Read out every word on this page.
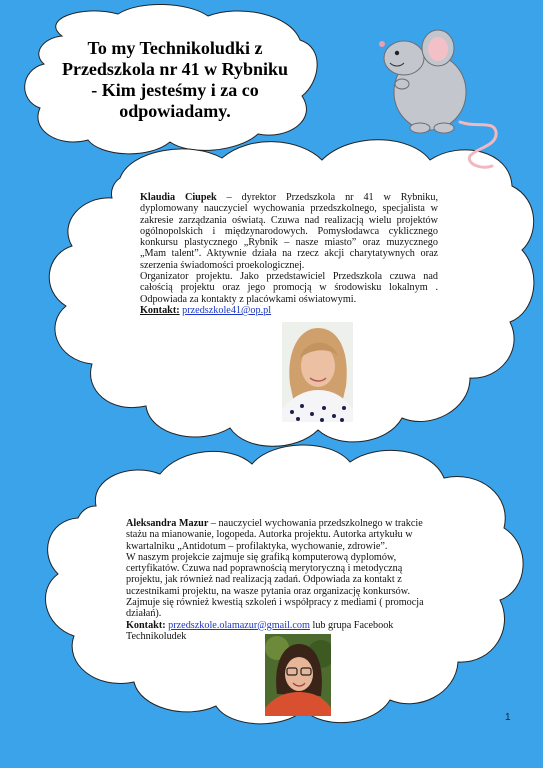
To my Technikoludki z
Przedszkola nr 41 w Rybniku
- Kim jesteśmy i za co
odpowiadamy.

Klaudia Ciupek – dyrektor Przedszkola nr 41 w Rybniku, dyplomowany nauczyciel wychowania przedszkolnego, specjalista w zakresie zarządzania oświatą. Czuwa nad realizacją wielu projektów ogólnopolskich i międzynarodowych. Pomysłodawca cyklicznego konkursu plastycznego „Rybnik – nasze miasto” oraz muzycznego „Mam talent”. Aktywnie działa na rzecz akcji charytatywnych oraz szerzenia świadomości proekologicznej.

Organizator projektu. Jako przedstawiciel Przedszkola czuwa nad całością projektu oraz jego promocją w środowisku lokalnym . Odpowiada za kontakty z placówkami oświatowymi.

Kontakt: przedszkole41@op.pl

Aleksandra Mazur – nauczyciel wychowania przedszkolnego w trakcie stażu na mianowanie, logopeda. Autorka projektu. Autorka artykułu w kwartalniku „Antidotum – profilaktyka, wychowanie, zdrowie”.

W naszym projekcie zajmuje się grafiką komputerową dyplomów, certyfikatów. Czuwa nad poprawnością merytoryczną i metodyczną projektu, jak również nad realizacją zadań. Odpowiada za kontakt z uczestnikami projektu, na wasze pytania oraz organizację konkursów. Zajmuje się również kwestią szkoleń i współpracy z mediami ( promocja działań).

Kontakt: przedszkole.olamazur@gmail.com lub grupa Facebook Technikoludek

1
